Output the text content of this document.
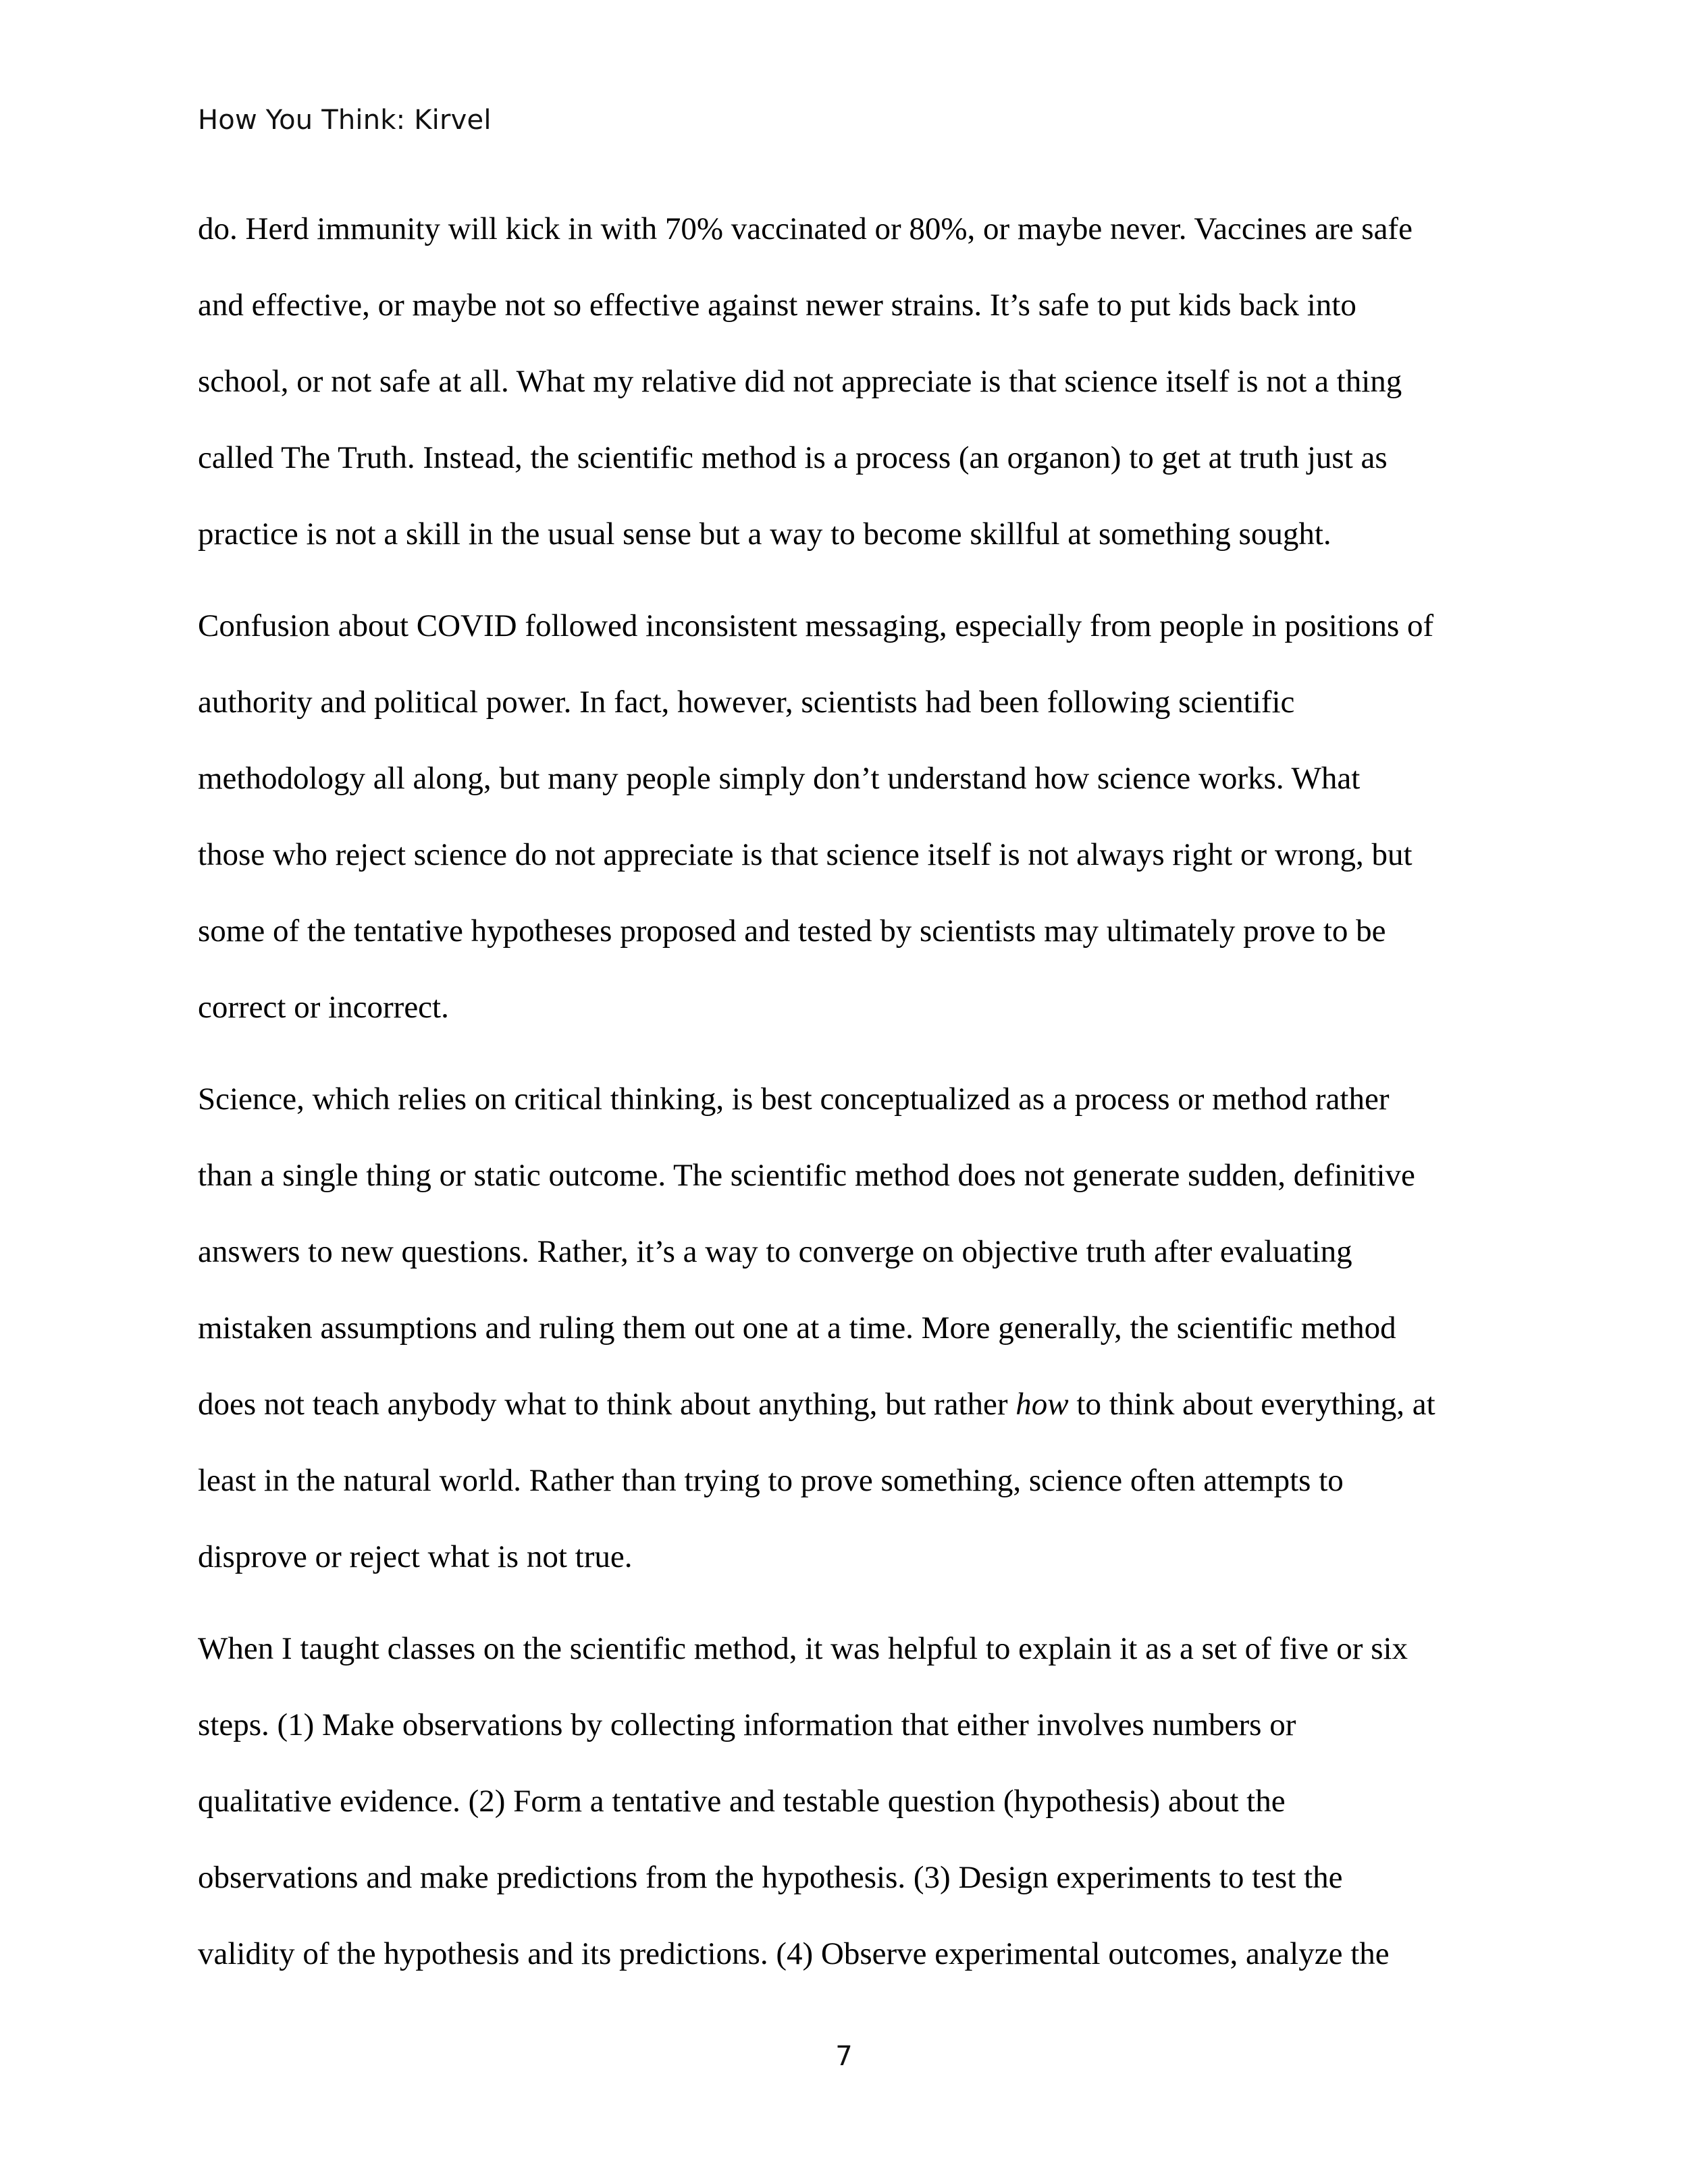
How You Think: Kirvel
do. Herd immunity will kick in with 70% vaccinated or 80%, or maybe never. Vaccines are safe
and effective, or maybe not so effective against newer strains. It’s safe to put kids back into
school, or not safe at all. What my relative did not appreciate is that science itself is not a thing
called The Truth. Instead, the scientific method is a process (an organon) to get at truth just as
practice is not a skill in the usual sense but a way to become skillful at something sought.
Confusion about COVID followed inconsistent messaging, especially from people in positions of
authority and political power. In fact, however, scientists had been following scientific
methodology all along, but many people simply don’t understand how science works. What
those who reject science do not appreciate is that science itself is not always right or wrong, but
some of the tentative hypotheses proposed and tested by scientists may ultimately prove to be
correct or incorrect.
Science, which relies on critical thinking, is best conceptualized as a process or method rather
than a single thing or static outcome. The scientific method does not generate sudden, definitive
answers to new questions. Rather, it’s a way to converge on objective truth after evaluating
mistaken assumptions and ruling them out one at a time. More generally, the scientific method
does not teach anybody what to think about anything, but rather how to think about everything, at
least in the natural world. Rather than trying to prove something, science often attempts to
disprove or reject what is not true.
When I taught classes on the scientific method, it was helpful to explain it as a set of five or six
steps. (1) Make observations by collecting information that either involves numbers or
qualitative evidence. (2) Form a tentative and testable question (hypothesis) about the
observations and make predictions from the hypothesis. (3) Design experiments to test the
validity of the hypothesis and its predictions. (4) Observe experimental outcomes, analyze the
7
